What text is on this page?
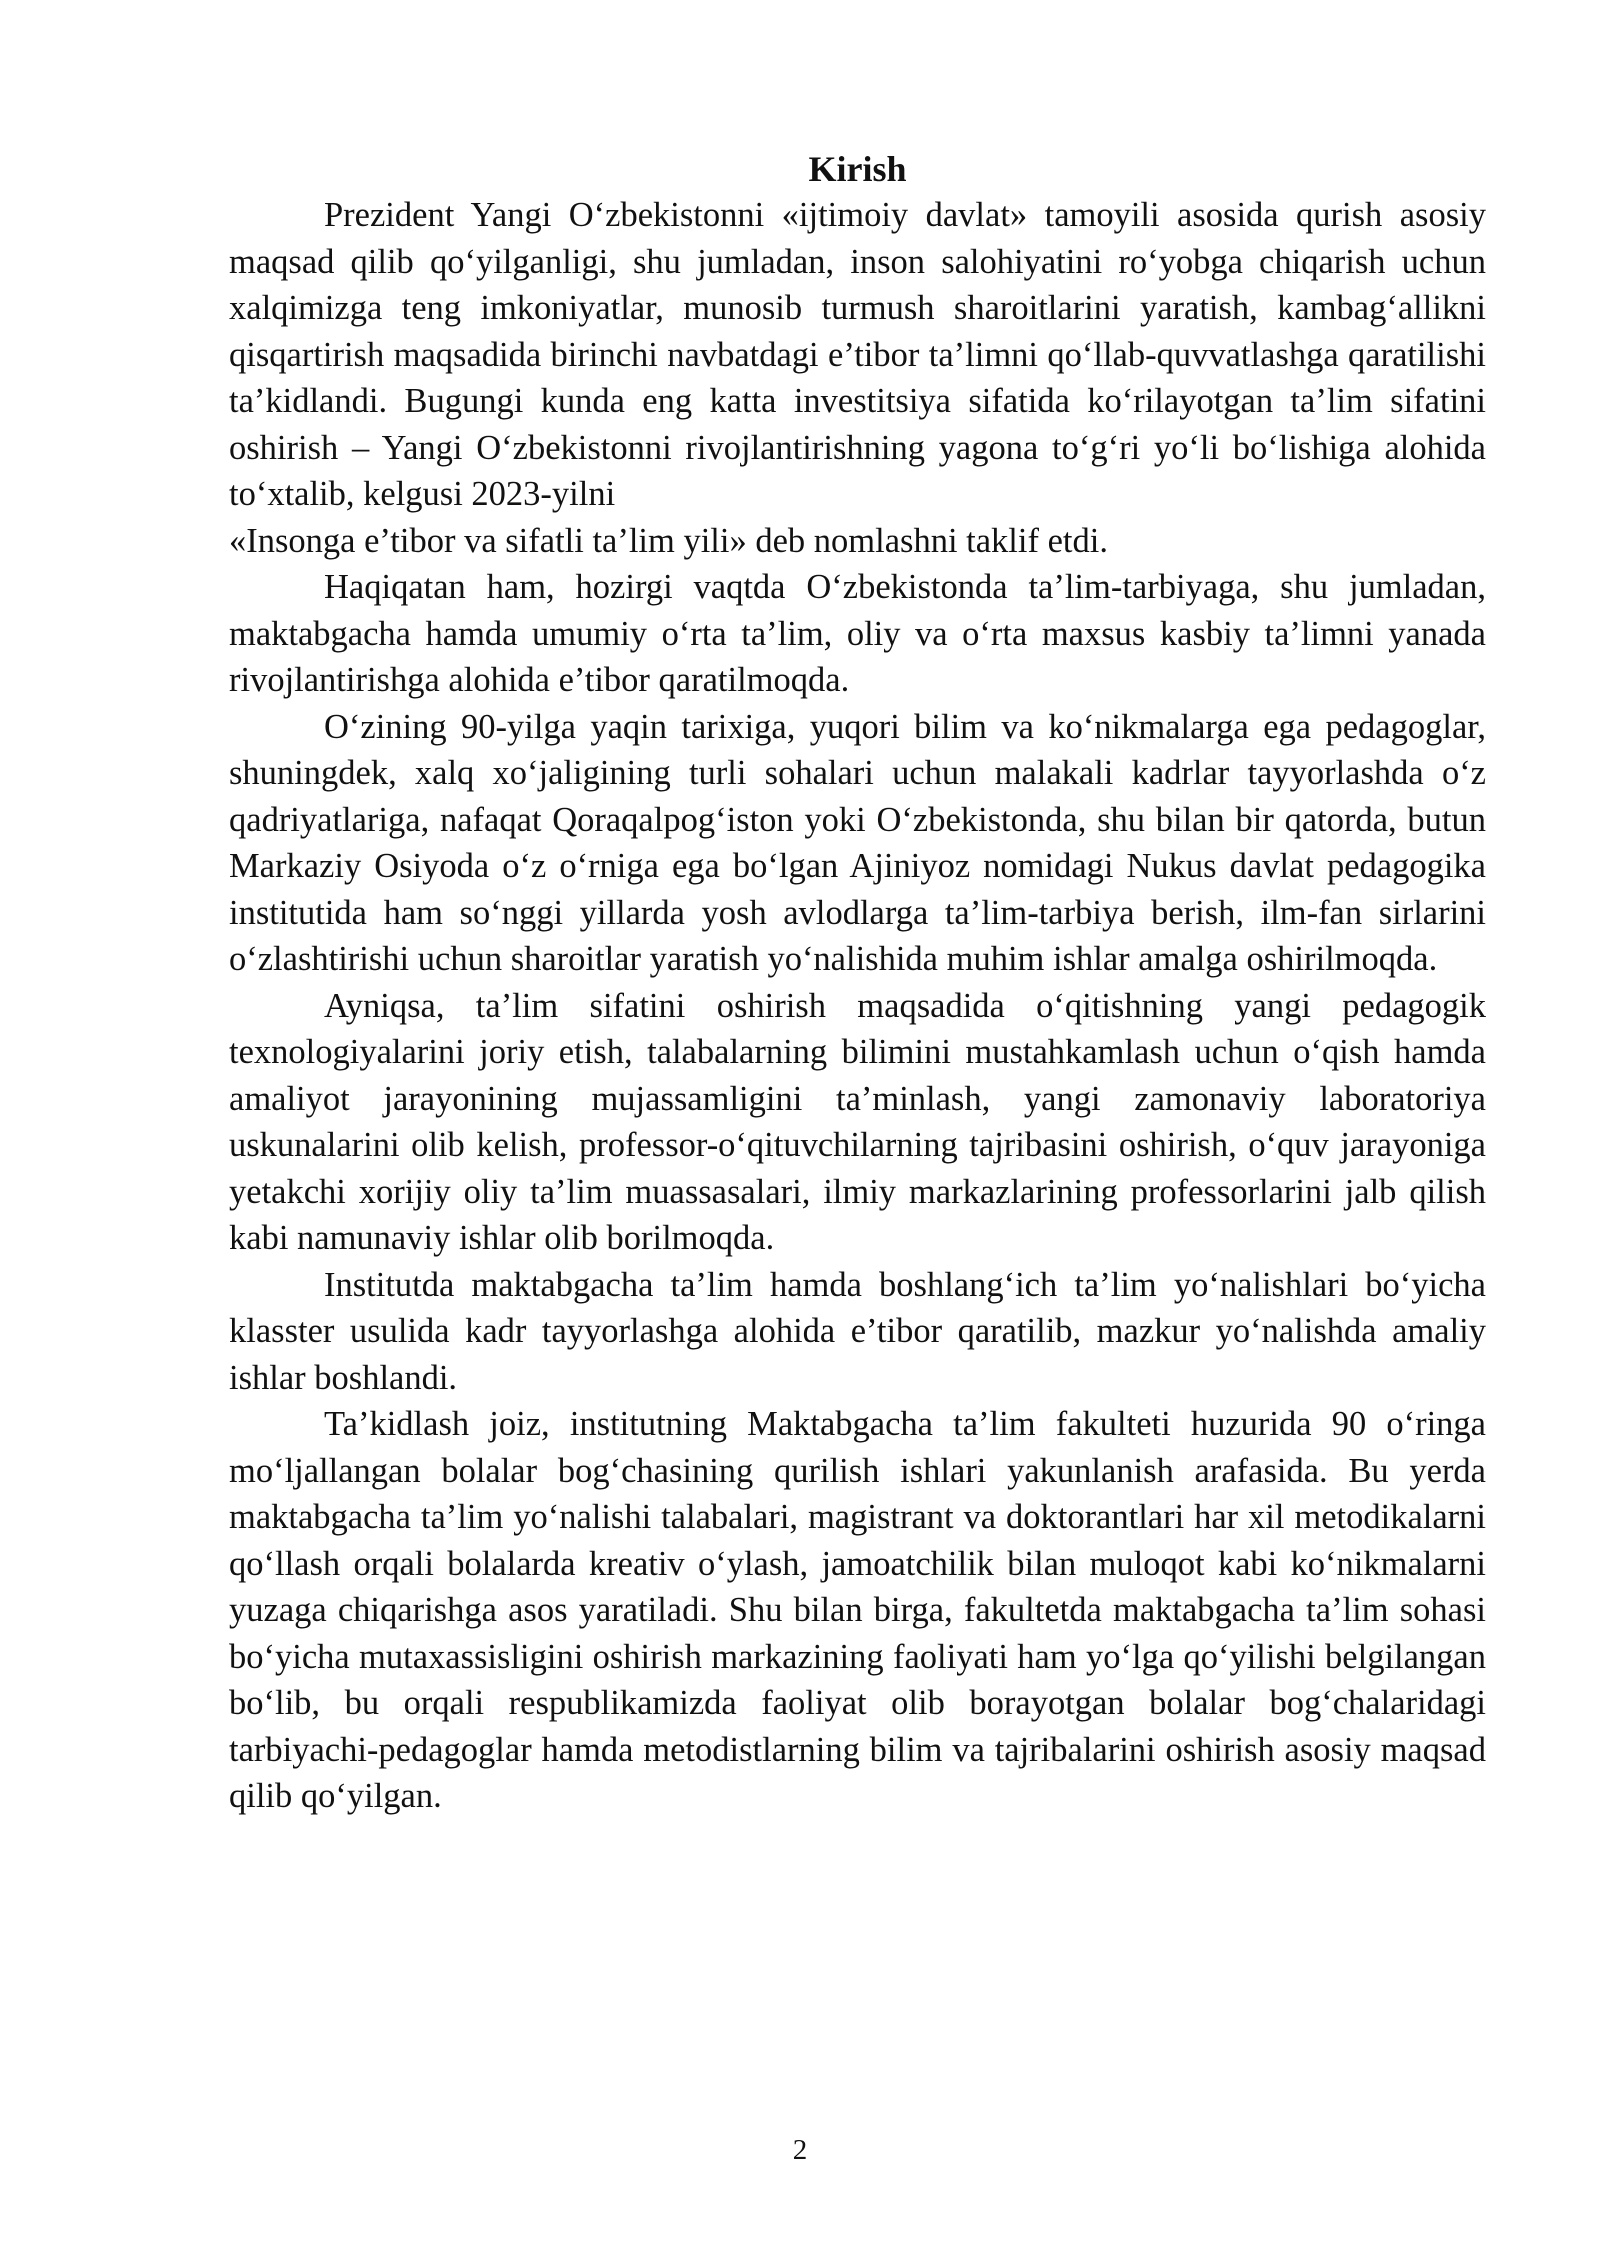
Kirish

Prezident Yangi O‘zbekistonni «ijtimoiy davlat» tamoyili asosida qurish asosiy maqsad qilib qo‘yilganligi, shu jumladan, inson salohiyatini ro‘yobga chiqarish uchun xalqimizga teng imkoniyatlar, munosib turmush sharoitlarini yaratish, kambag‘allikni qisqartirish maqsadida birinchi navbatdagi e’tibor ta’limni qo‘llab-quvvatlashga qaratilishi ta’kidlandi. Bugungi kunda eng katta investitsiya sifatida ko‘rilayotgan ta’lim sifatini oshirish – Yangi O‘zbekistonni rivojlantirishning yagona to‘g‘ri yo‘li bo‘lishiga alohida to‘xtalib, kelgusi 2023-yilni

«Insonga e’tibor va sifatli ta’lim yili» deb nomlashni taklif etdi.

Haqiqatan ham, hozirgi vaqtda O‘zbekistonda ta’lim-tarbiyaga, shu jumladan, maktabgacha hamda umumiy o‘rta ta’lim, oliy va o‘rta maxsus kasbiy ta’limni yanada rivojlantirishga alohida e’tibor qaratilmoqda.

O‘zining 90-yilga yaqin tarixiga, yuqori bilim va ko‘nikmalarga ega pedagoglar, shuningdek, xalq xo‘jaligining turli sohalari uchun malakali kadrlar tayyorlashda o‘z qadriyatlariga, nafaqat Qoraqalpog‘iston yoki O‘zbekistonda, shu bilan bir qatorda, butun Markaziy Osiyoda o‘z o‘rniga ega bo‘lgan Ajiniyoz nomidagi Nukus davlat pedagogika institutida ham so‘nggi yillarda yosh avlodlarga ta’lim-tarbiya berish, ilm-fan sirlarini o‘zlashtirishi uchun sharoitlar yaratish yo‘nalishida muhim ishlar amalga oshirilmoqda.

Ayniqsa, ta’lim sifatini oshirish maqsadida o‘qitishning yangi pedagogik texnologiyalarini joriy etish, talabalarning bilimini mustahkamlash uchun o‘qish hamda amaliyot jarayonining mujassamligini ta’minlash, yangi zamonaviy laboratoriya uskunalarini olib kelish, professor-o‘qituvchilarning tajribasini oshirish, o‘quv jarayoniga yetakchi xorijiy oliy ta’lim muassasalari, ilmiy markazlarining professorlarini jalb qilish kabi namunaviy ishlar olib borilmoqda.

Institutda maktabgacha ta’lim hamda boshlang‘ich ta’lim yo‘nalishlari bo‘yicha klasster usulida kadr tayyorlashga alohida e’tibor qaratilib, mazkur yo‘nalishda amaliy ishlar boshlandi.

Ta’kidlash joiz, institutning Maktabgacha ta’lim fakulteti huzurida 90 o‘ringa mo‘ljallangan bolalar bog‘chasining qurilish ishlari yakunlanish arafasida. Bu yerda maktabgacha ta’lim yo‘nalishi talabalari, magistrant va doktorantlari har xil metodikalarni qo‘llash orqali bolalarda kreativ o‘ylash, jamoatchilik bilan muloqot kabi ko‘nikmalarni yuzaga chiqarishga asos yaratiladi. Shu bilan birga, fakultetda maktabgacha ta’lim sohasi bo‘yicha mutaxassisligini oshirish markazining faoliyati ham yo‘lga qo‘yilishi belgilangan bo‘lib, bu orqali respublikamizda faoliyat olib borayotgan bolalar bog‘chalaridagi tarbiyachi-pedagoglar hamda metodistlarning bilim va tajribalarini oshirish asosiy maqsad qilib qo‘yilgan.

2
